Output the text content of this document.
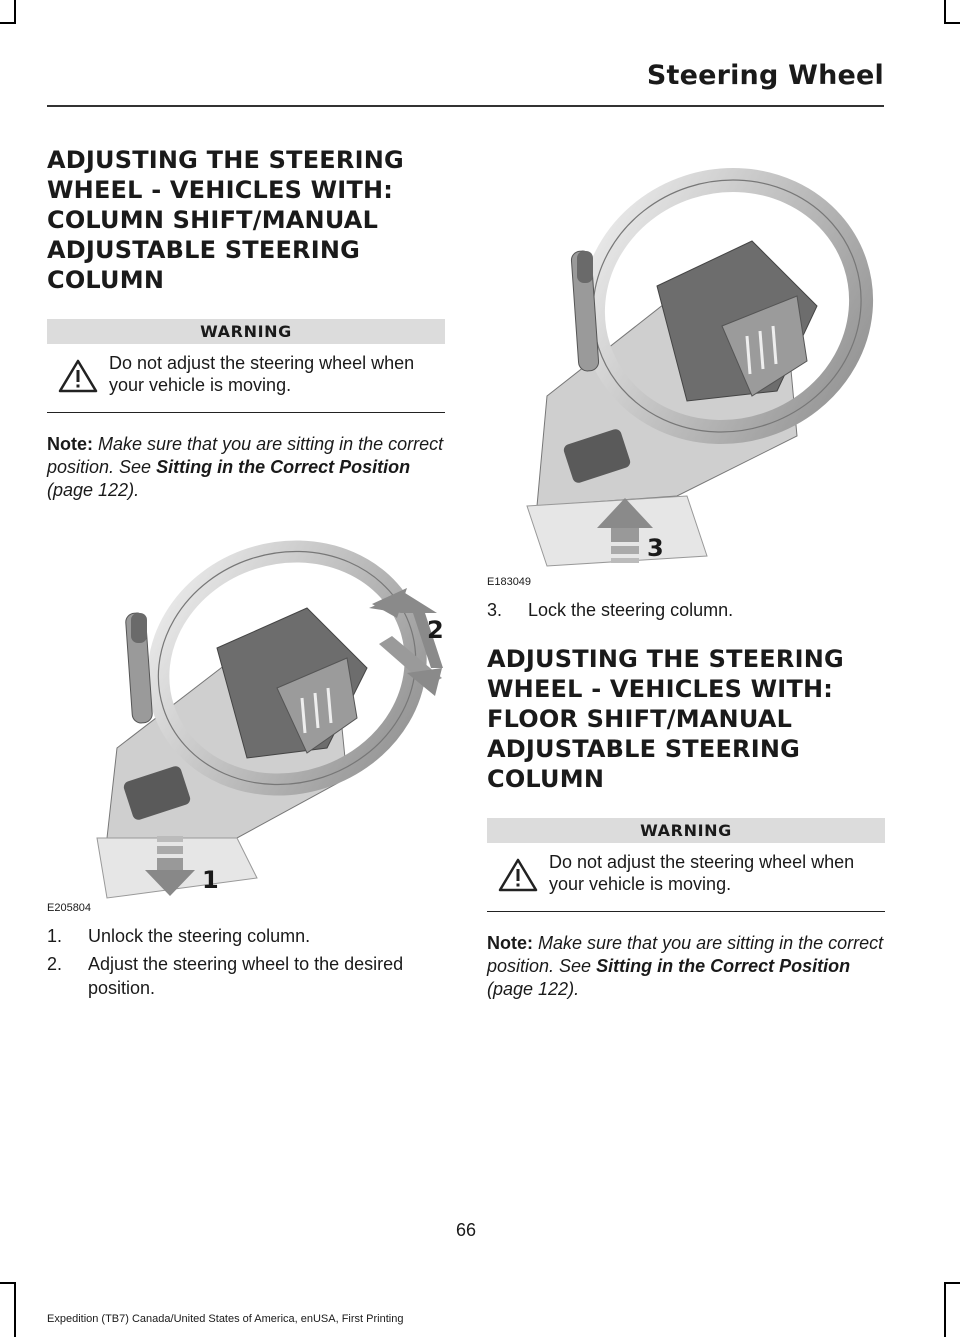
Steering Wheel
ADJUSTING THE STEERING WHEEL - VEHICLES WITH: COLUMN SHIFT/MANUAL ADJUSTABLE STEERING COLUMN
WARNING
Do not adjust the steering wheel when your vehicle is moving.
Note: Make sure that you are sitting in the correct position. See Sitting in the Correct Position (page 122).
1
2
E205804
1. Unlock the steering column.
2. Adjust the steering wheel to the desired position.
3
E183049
3. Lock the steering column.
ADJUSTING THE STEERING WHEEL - VEHICLES WITH: FLOOR SHIFT/MANUAL ADJUSTABLE STEERING COLUMN
WARNING
Do not adjust the steering wheel when your vehicle is moving.
Note: Make sure that you are sitting in the correct position. See Sitting in the Correct Position (page 122).
66
Expedition (TB7) Canada/United States of America, enUSA, First Printing
